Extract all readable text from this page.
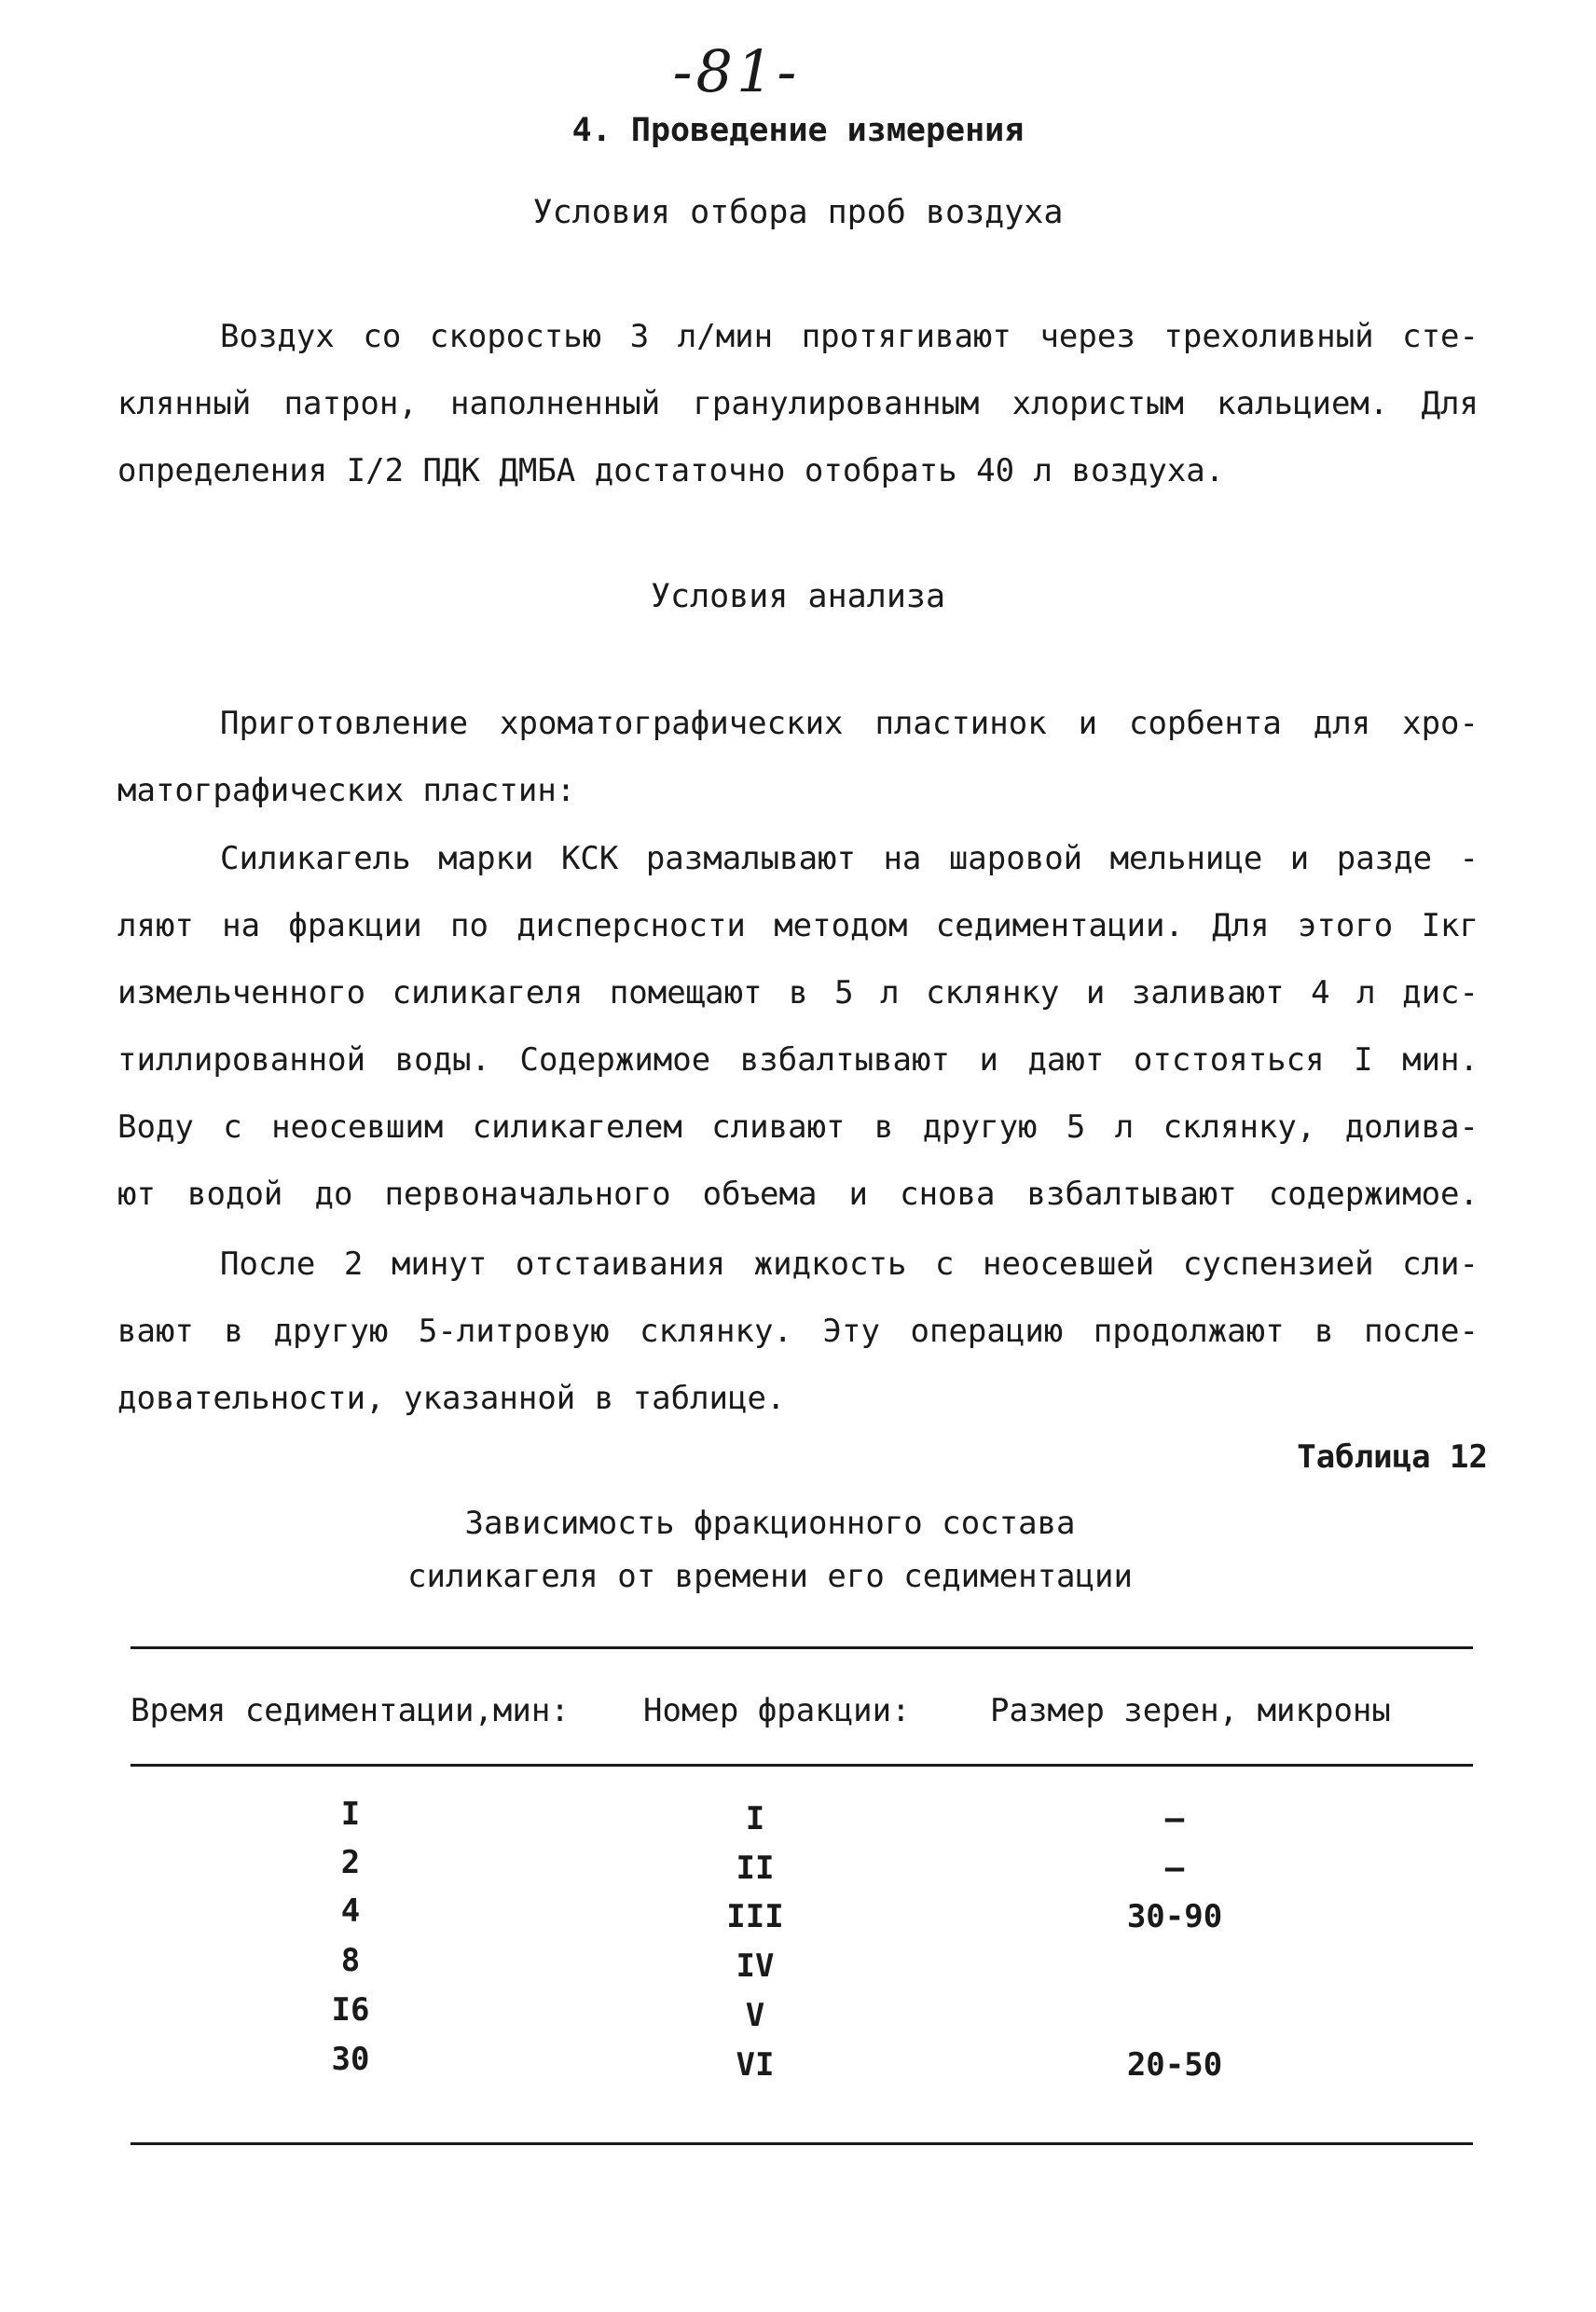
-81-
4. Проведение измерения
Условия отбора проб воздуха
Воздух со скоростью 3 л/мин протягивают через трехоливный сте-
клянный патрон, наполненный гранулированным хлористым кальцием. Для
определения I/2 ПДК ДМБА достаточно отобрать 40 л воздуха.
Условия анализа
Приготовление хроматографических пластинок и сорбента для хро-
матографических пластин:
Силикагель марки КСК размалывают на шаровой мельнице и разде -
ляют на фракции по дисперсности методом седиментации. Для этого Iкг
измельченного силикагеля помещают в 5 л склянку и заливают 4 л дис-
тиллированной воды. Содержимое взбалтывают и дают отстояться I мин.
Воду с неосевшим силикагелем сливают в другую 5 л склянку, долива-
ют водой до первоначального объема и снова взбалтывают содержимое.
После 2 минут отстаивания жидкость с неосевшей суспензией сли-
вают в другую 5-литровую склянку. Эту операцию продолжают в после-
довательности, указанной в таблице.
Таблица 12
Зависимость фракционного состава
силикагеля от времени его седиментации
Время седиментации,мин: Номер фракции:	Размер зерен, микроны
I	I	–
2	II	–
4	III	30-90
8	IV
I6	V
30	VI	20-50
